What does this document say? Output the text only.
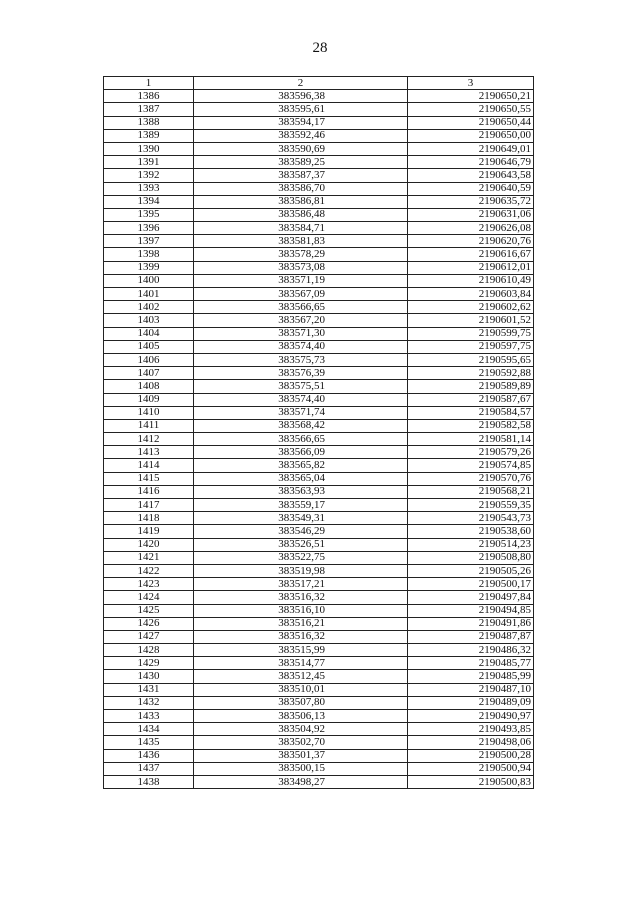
28
1	2	3
1386	383596,38	2190650,21
1387	383595,61	2190650,55
1388	383594,17	2190650,44
1389	383592,46	2190650,00
1390	383590,69	2190649,01
1391	383589,25	2190646,79
1392	383587,37	2190643,58
1393	383586,70	2190640,59
1394	383586,81	2190635,72
1395	383586,48	2190631,06
1396	383584,71	2190626,08
1397	383581,83	2190620,76
1398	383578,29	2190616,67
1399	383573,08	2190612,01
1400	383571,19	2190610,49
1401	383567,09	2190603,84
1402	383566,65	2190602,62
1403	383567,20	2190601,52
1404	383571,30	2190599,75
1405	383574,40	2190597,75
1406	383575,73	2190595,65
1407	383576,39	2190592,88
1408	383575,51	2190589,89
1409	383574,40	2190587,67
1410	383571,74	2190584,57
1411	383568,42	2190582,58
1412	383566,65	2190581,14
1413	383566,09	2190579,26
1414	383565,82	2190574,85
1415	383565,04	2190570,76
1416	383563,93	2190568,21
1417	383559,17	2190559,35
1418	383549,31	2190543,73
1419	383546,29	2190538,60
1420	383526,51	2190514,23
1421	383522,75	2190508,80
1422	383519,98	2190505,26
1423	383517,21	2190500,17
1424	383516,32	2190497,84
1425	383516,10	2190494,85
1426	383516,21	2190491,86
1427	383516,32	2190487,87
1428	383515,99	2190486,32
1429	383514,77	2190485,77
1430	383512,45	2190485,99
1431	383510,01	2190487,10
1432	383507,80	2190489,09
1433	383506,13	2190490,97
1434	383504,92	2190493,85
1435	383502,70	2190498,06
1436	383501,37	2190500,28
1437	383500,15	2190500,94
1438	383498,27	2190500,83
